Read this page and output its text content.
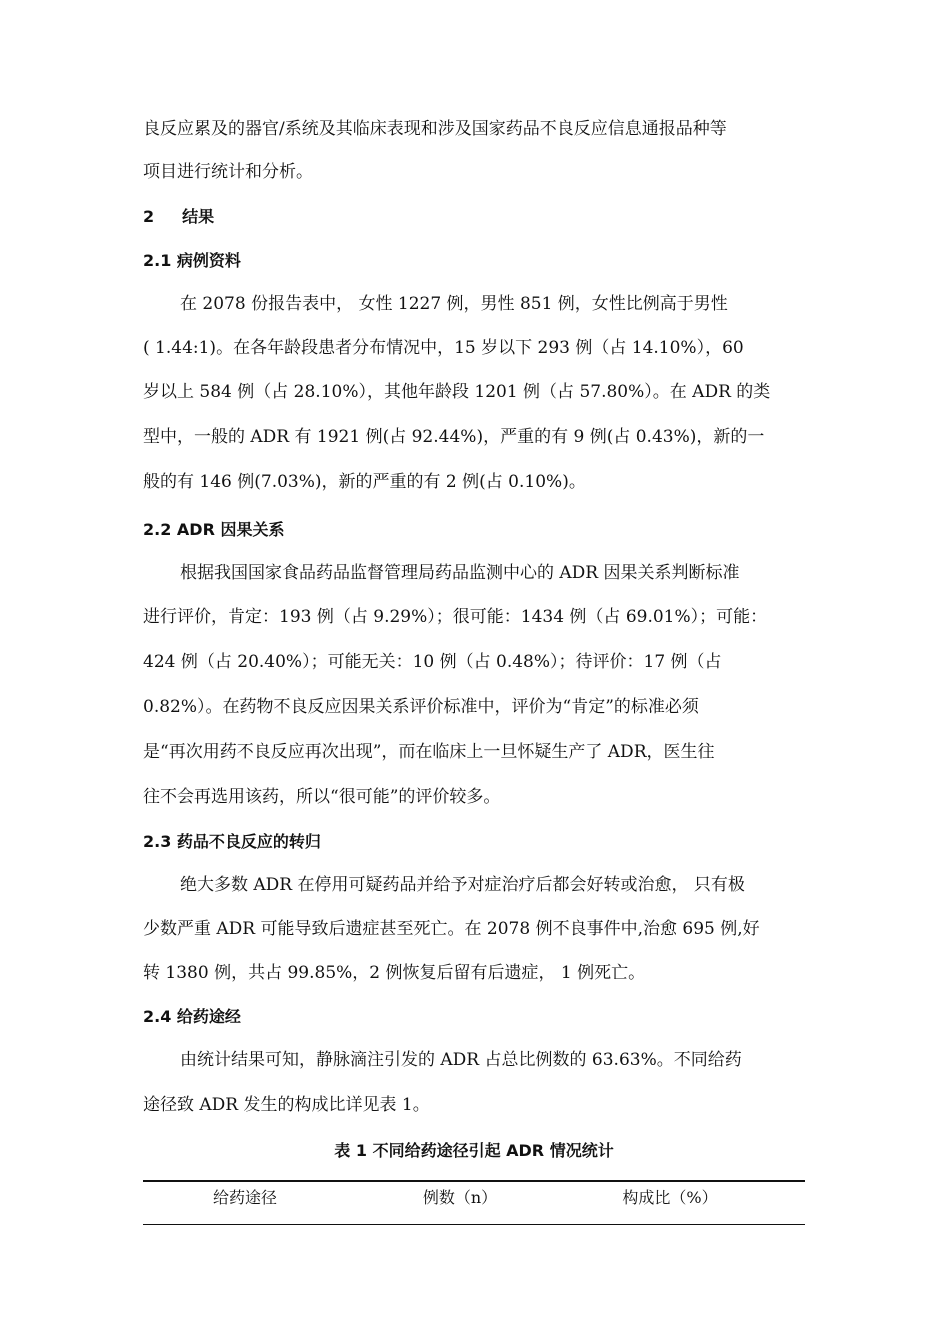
良反应累及的器官/系统及其临床表现和涉及国家药品不良反应信息通报品种等
项目进行统计和分析。
2 结果
2.1 病例资料
在 2078 份报告表中， 女性 1227 例，男性 851 例，女性比例高于男性
( 1.44:1)。在各年龄段患者分布情况中，15 岁以下 293 例（占 14.10%），60
岁以上 584 例（占 28.10%），其他年龄段 1201 例（占 57.80%）。在 ADR 的类
型中，一般的 ADR 有 1921 例(占 92.44%)，严重的有 9 例(占 0.43%)，新的一
般的有 146 例(7.03%)，新的严重的有 2 例(占 0.10%)。
2.2 ADR 因果关系
根据我国国家食品药品监督管理局药品监测中心的 ADR 因果关系判断标准
进行评价，肯定：193 例（占 9.29%）；很可能：1434 例（占 69.01%）；可能：
424 例（占 20.40%）；可能无关：10 例（占 0.48%）；待评价：17 例（占
0.82%）。在药物不良反应因果关系评价标准中，评价为“肯定”的标准必须
是“再次用药不良反应再次出现”，而在临床上一旦怀疑生产了 ADR，医生往
往不会再选用该药，所以“很可能”的评价较多。
2.3 药品不良反应的转归
绝大多数 ADR 在停用可疑药品并给予对症治疗后都会好转或治愈， 只有极
少数严重 ADR 可能导致后遗症甚至死亡。在 2078 例不良事件中,治愈 695 例,好
转 1380 例，共占 99.85%，2 例恢复后留有后遗症， 1 例死亡。
2.4 给药途经
由统计结果可知，静脉滴注引发的 ADR 占总比例数的 63.63%。不同给药
途径致 ADR 发生的构成比详见表 1。
表 1 不同给药途径引起 ADR 情况统计
给药途径	例数（n）	构成比（%）
